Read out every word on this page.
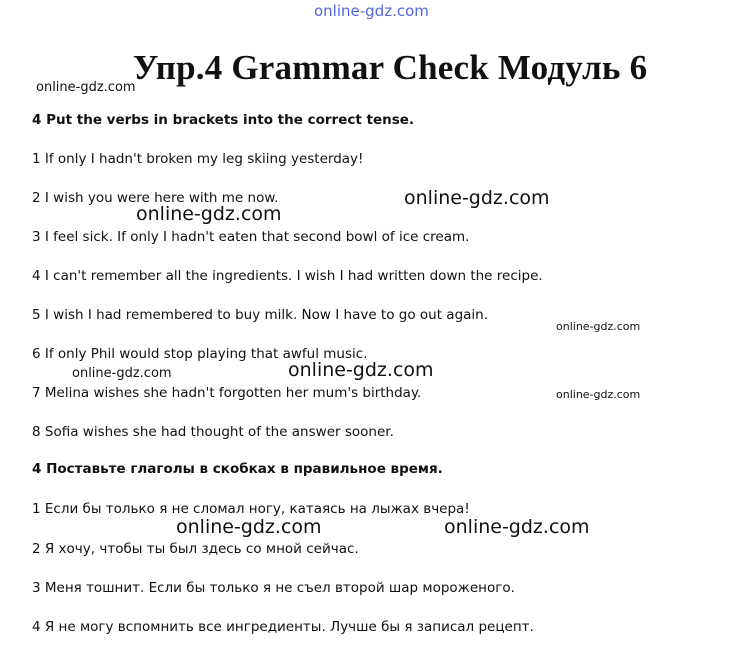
online-gdz.com
online-gdz.com
online-gdz.com
online-gdz.com
online-gdz.com
online-gdz.com	online-gdz.com
online-gdz.com
online-gdz.com	online-gdz.com
Упр.4 Grammar Check Модуль 6
4 Put the verbs in brackets into the correct tense.
1 If only I hadn't broken my leg skiing yesterday!
2 I wish you were here with me now.
3 I feel sick. If only I hadn't eaten that second bowl of ice cream.
4 I can't remember all the ingredients. I wish I had written down the recipe.
5 I wish I had remembered to buy milk. Now I have to go out again.
6 If only Phil would stop playing that awful music.
7 Melina wishes she hadn't forgotten her mum's birthday.
8 Sofia wishes she had thought of the answer sooner.
4 Поставьте глаголы в скобках в правильное время.
1 Если бы только я не сломал ногу, катаясь на лыжах вчера!
2 Я хочу, чтобы ты был здесь со мной сейчас.
3 Меня тошнит. Если бы только я не съел второй шар мороженого.
4 Я не могу вспомнить все ингредиенты. Лучше бы я записал рецепт.
